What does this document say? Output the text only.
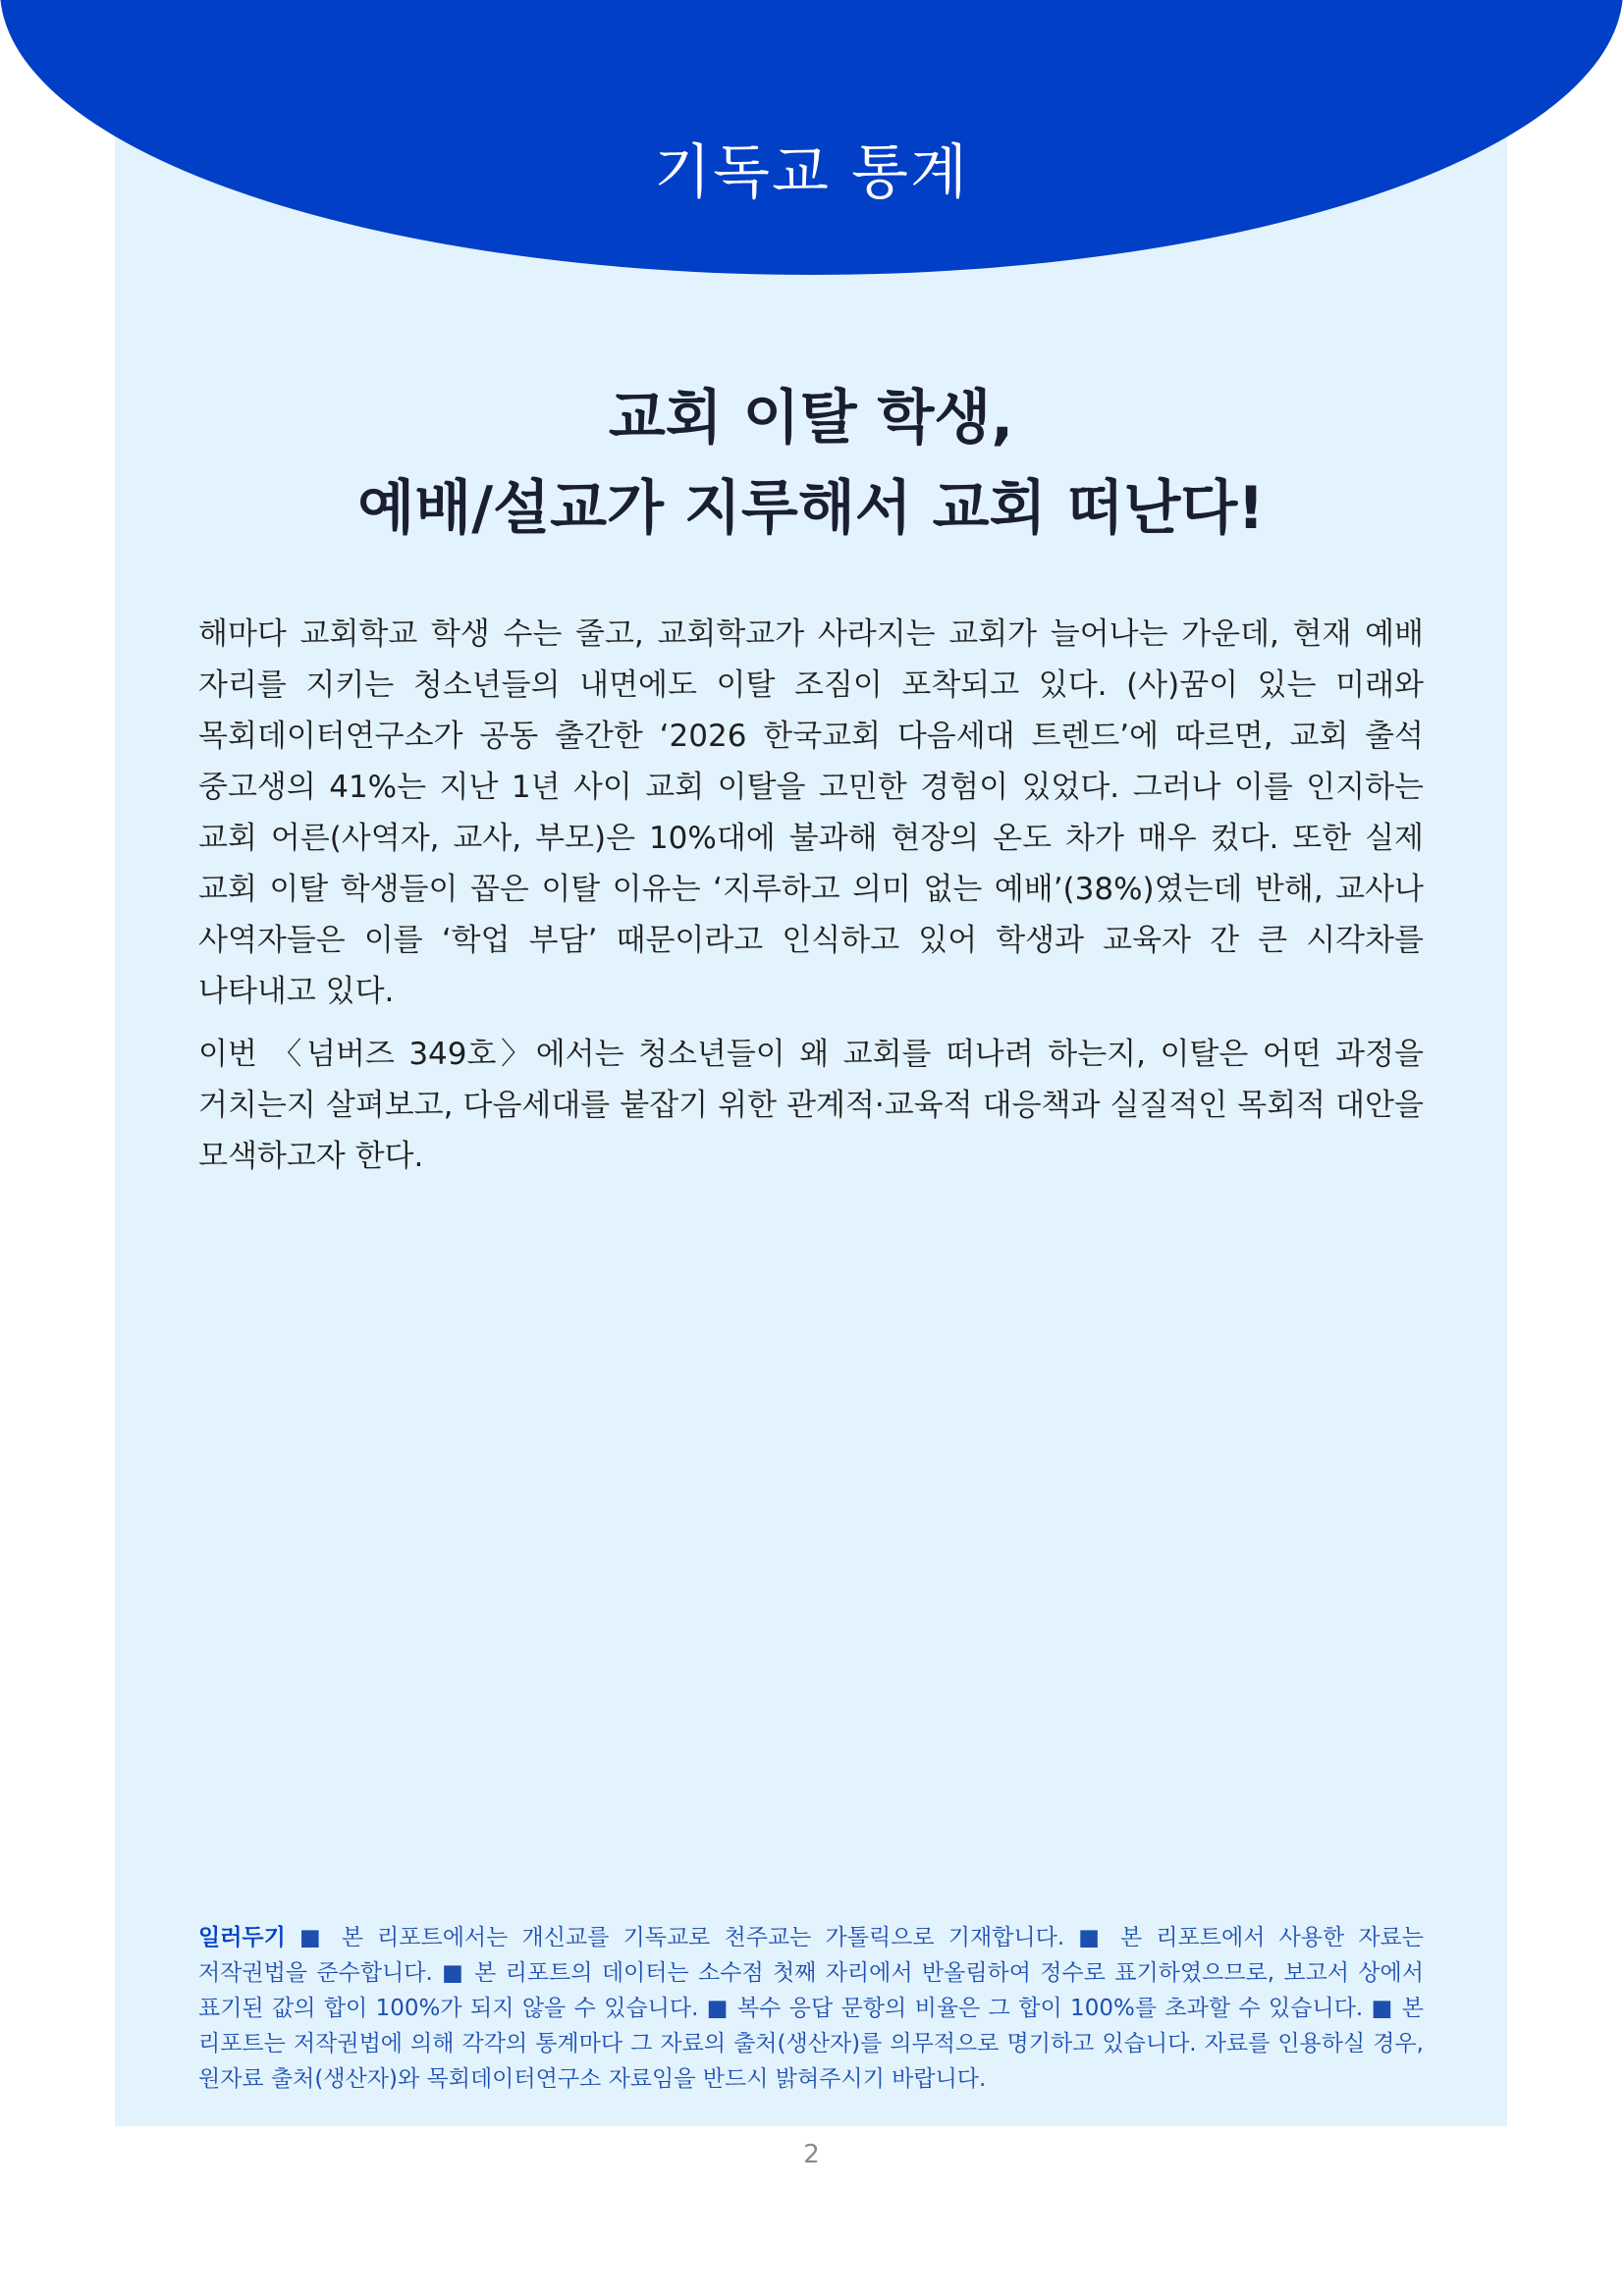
기독교 통계
교회 이탈 학생,
예배/설교가 지루해서 교회 떠난다!

해마다 교회학교 학생 수는 줄고, 교회학교가 사라지는 교회가 늘어나는 가운데, 현재 예배 자리를 지키는 청소년들의 내면에도 이탈 조짐이 포착되고 있다. (사)꿈이 있는 미래와 목회데이터연구소가 공동 출간한 ‘2026 한국교회 다음세대 트렌드’에 따르면, 교회 출석 중고생의 41%는 지난 1년 사이 교회 이탈을 고민한 경험이 있었다. 그러나 이를 인지하는 교회 어른(사역자, 교사, 부모)은 10%대에 불과해 현장의 온도 차가 매우 컸다. 또한 실제 교회 이탈 학생들이 꼽은 이탈 이유는 ‘지루하고 의미 없는 예배’(38%)였는데 반해, 교사나 사역자들은 이를 ‘학업 부담’ 때문이라고 인식하고 있어 학생과 교육자 간 큰 시각차를 나타내고 있다.

이번 〈넘버즈 349호〉에서는 청소년들이 왜 교회를 떠나려 하는지, 이탈은 어떤 과정을 거치는지 살펴보고, 다음세대를 붙잡기 위한 관계적·교육적 대응책과 실질적인 목회적 대안을 모색하고자 한다.

일러두기 ■ 본 리포트에서는 개신교를 기독교로 천주교는 가톨릭으로 기재합니다. ■ 본 리포트에서 사용한 자료는 저작권법을 준수합니다. ■ 본 리포트의 데이터는 소수점 첫째 자리에서 반올림하여 정수로 표기하였으므로, 보고서 상에서 표기된 값의 합이 100%가 되지 않을 수 있습니다. ■ 복수 응답 문항의 비율은 그 합이 100%를 초과할 수 있습니다. ■ 본 리포트는 저작권법에 의해 각각의 통계마다 그 자료의 출처(생산자)를 의무적으로 명기하고 있습니다. 자료를 인용하실 경우, 원자료 출처(생산자)와 목회데이터연구소 자료임을 반드시 밝혀주시기 바랍니다.
2
